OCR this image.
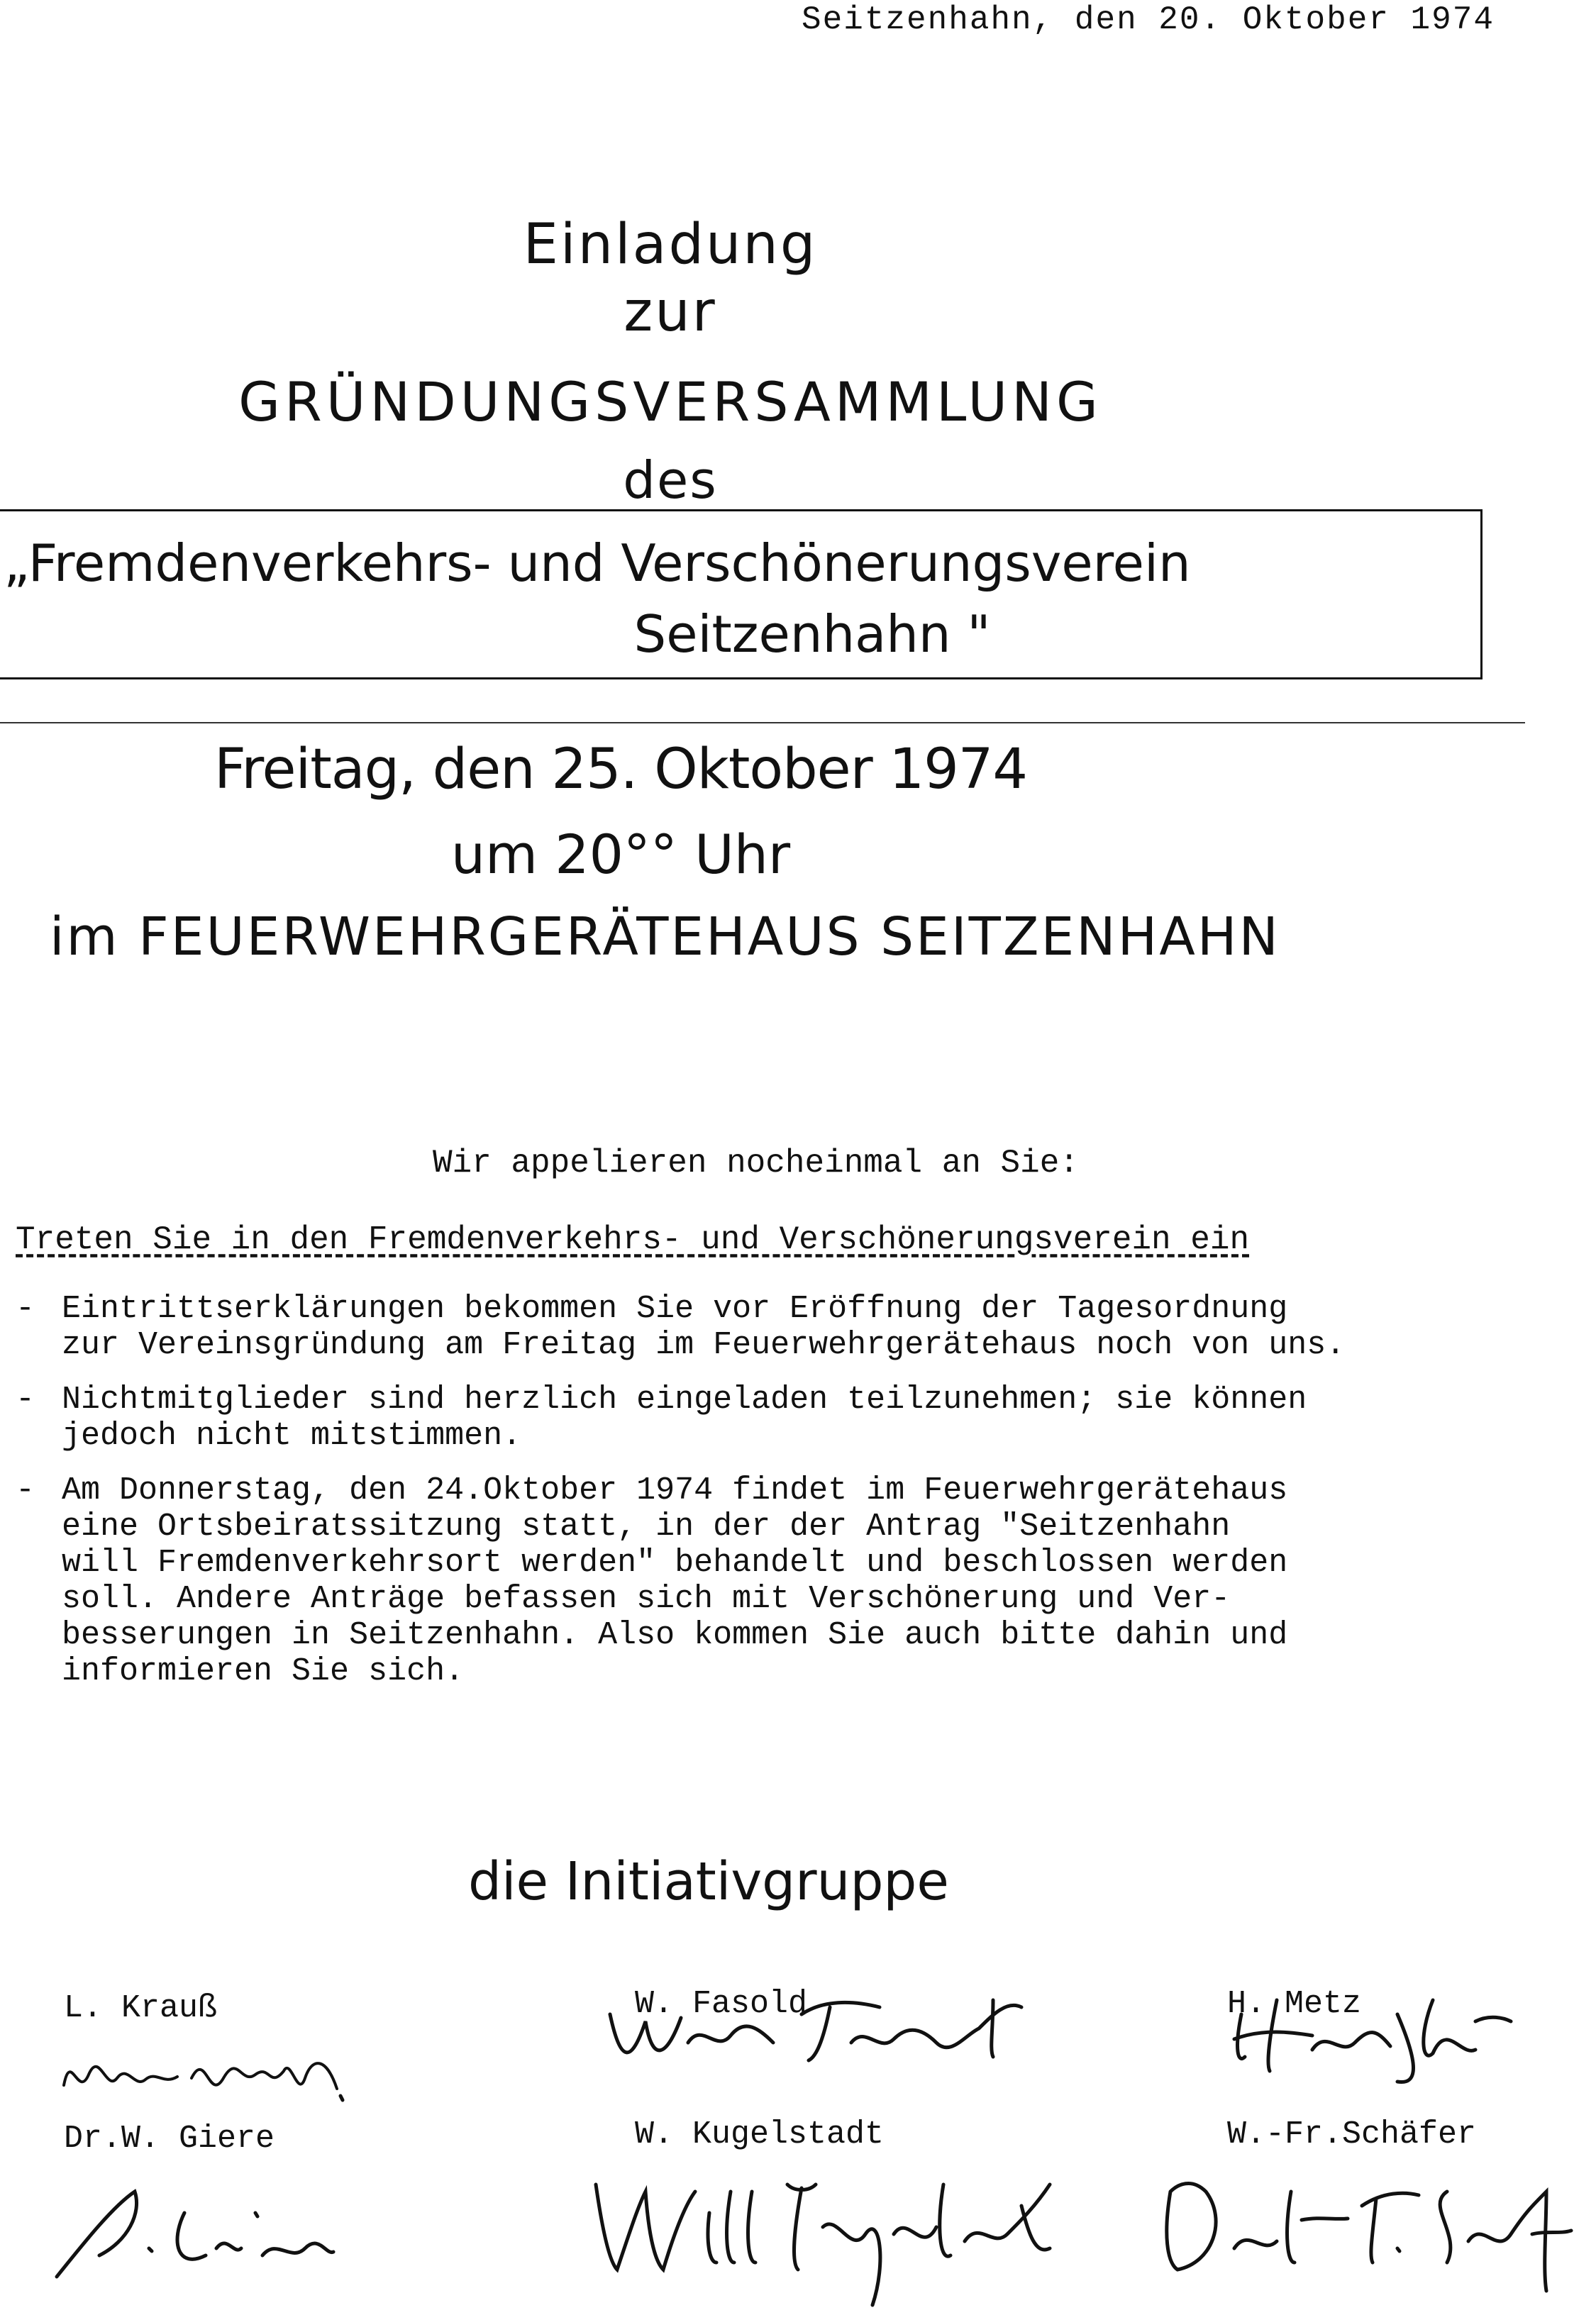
Seitzenhahn, den 20. Oktober 1974
Einladung
zur
GRÜNDUNGSVERSAMMLUNG
des
„Fremdenverkehrs- und Verschönerungsverein
Seitzenhahn "
Freitag, den 25. Oktober 1974
um 20°° Uhr
im FEUERWEHRGERÄTEHAUS SEITZENHAHN
Wir appelieren nocheinmal an Sie:
Treten Sie in den Fremdenverkehrs- und Verschönerungsverein ein
- Eintrittserklärungen bekommen Sie vor Eröffnung der Tagesordnung
zur Vereinsgründung am Freitag im Feuerwehrgerätehaus noch von uns.
- Nichtmitglieder sind herzlich eingeladen teilzunehmen; sie können
jedoch nicht mitstimmen.
- Am Donnerstag, den 24.Oktober 1974 findet im Feuerwehrgerätehaus
eine Ortsbeiratssitzung statt, in der der Antrag "Seitzenhahn
will Fremdenverkehrsort werden" behandelt und beschlossen werden
soll. Andere Anträge befassen sich mit Verschönerung und Ver-
besserungen in Seitzenhahn. Also kommen Sie auch bitte dahin und
informieren Sie sich.
die Initiativgruppe
L. Krauß	W. Fasold	H. Metz
Dr.W. Giere	W. Kugelstadt	W.-Fr.Schäfer
